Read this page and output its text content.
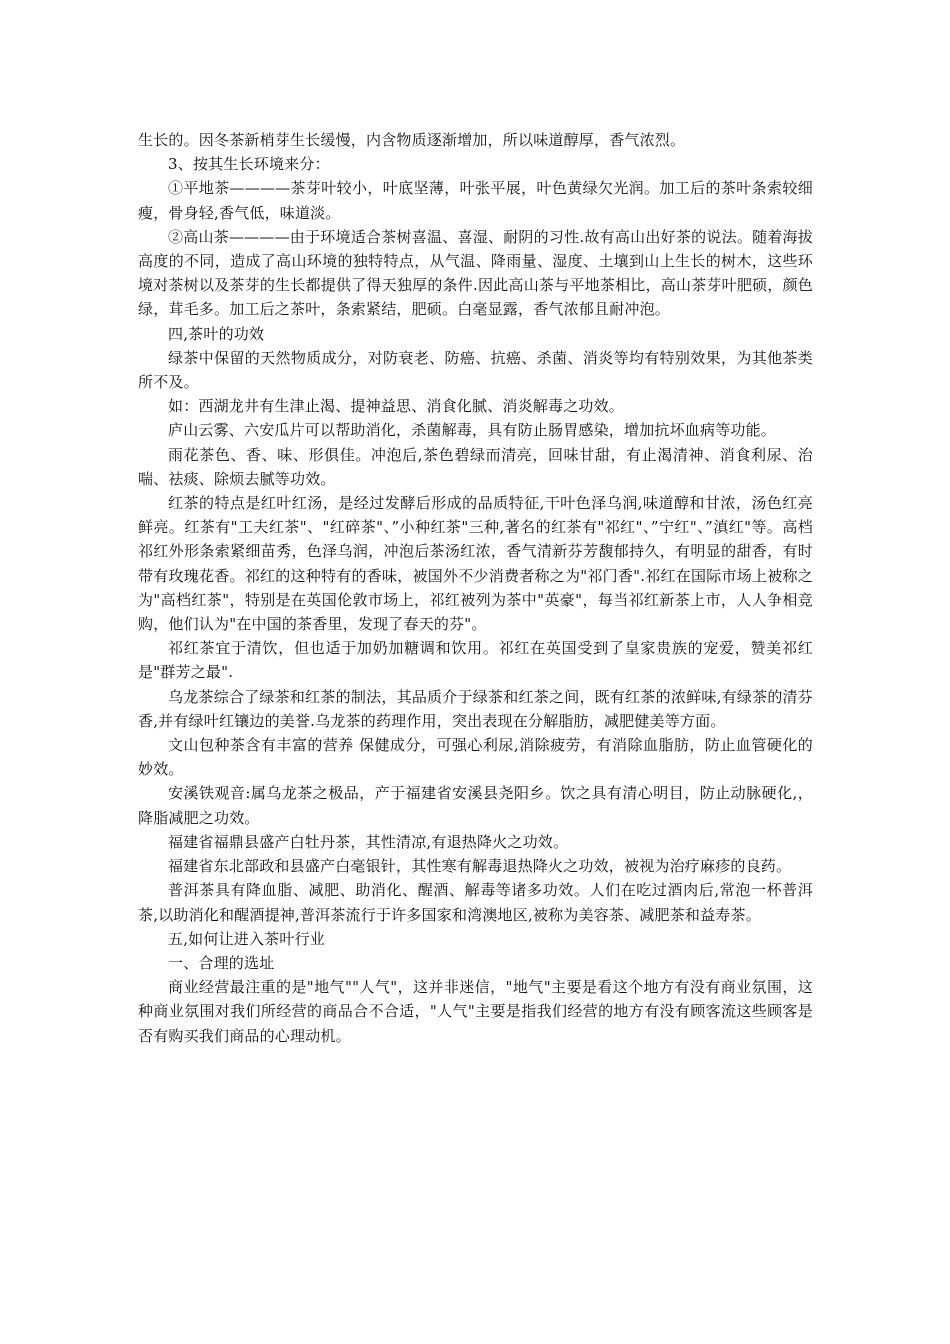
生长的。因冬茶新梢芽生长缓慢，内含物质逐渐增加，所以味道醇厚，香气浓烈。

3、按其生长环境来分：

①平地茶————茶芽叶较小，叶底坚薄，叶张平展，叶色黄绿欠光润。加工后的茶叶条索较细瘦，骨身轻,香气低，味道淡。

②高山茶————由于环境适合茶树喜温、喜湿、耐阴的习性.故有高山出好茶的说法。随着海拔高度的不同，造成了高山环境的独特特点，从气温、降雨量、湿度、土壤到山上生长的树木，这些环境对茶树以及茶芽的生长都提供了得天独厚的条件.因此高山茶与平地茶相比，高山茶芽叶肥硕，颜色绿，茸毛多。加工后之茶叶，条索紧结，肥硕。白毫显露，香气浓郁且耐冲泡。

四,茶叶的功效

绿茶中保留的天然物质成分，对防衰老、防癌、抗癌、杀菌、消炎等均有特别效果，为其他茶类所不及。

如：西湖龙井有生津止渴、提神益思、消食化腻、消炎解毒之功效。

庐山云雾、六安瓜片可以帮助消化，杀菌解毒，具有防止肠胃感染，增加抗坏血病等功能。

雨花茶色、香、味、形俱佳。冲泡后,茶色碧绿而清亮，回味甘甜，有止渴清神、消食利尿、治喘、祛痰、除烦去腻等功效。

红茶的特点是红叶红汤，是经过发酵后形成的品质特征,干叶色泽乌润,味道醇和甘浓，汤色红亮鲜亮。红茶有"工夫红茶"、"红碎茶"、”小种红茶"三种,著名的红茶有"祁红"、”宁红"、”滇红"等。高档祁红外形条索紧细苗秀，色泽乌润，冲泡后茶汤红浓，香气清新芬芳馥郁持久，有明显的甜香，有时带有玫瑰花香。祁红的这种特有的香味，被国外不少消费者称之为"祁门香".祁红在国际市场上被称之为"高档红茶"，特别是在英国伦敦市场上，祁红被列为茶中"英豪"，每当祁红新茶上市，人人争相竞购，他们认为"在中国的茶香里，发现了春天的芬"。

祁红茶宜于清饮，但也适于加奶加糖调和饮用。祁红在英国受到了皇家贵族的宠爱，赞美祁红是"群芳之最".

乌龙茶综合了绿茶和红茶的制法，其品质介于绿茶和红茶之间，既有红茶的浓鲜味,有绿茶的清芬香,并有绿叶红镶边的美誉.乌龙茶的药理作用，突出表现在分解脂肪，减肥健美等方面。

文山包种茶含有丰富的营养 保健成分，可强心利尿,消除疲劳，有消除血脂肪，防止血管硬化的妙效。

安溪铁观音:属乌龙茶之极品，产于福建省安溪县尧阳乡。饮之具有清心明目，防止动脉硬化,，降脂减肥之功效。

福建省福鼎县盛产白牡丹茶，其性清凉,有退热降火之功效。

福建省东北部政和县盛产白毫银针，其性寒有解毒退热降火之功效，被视为治疗麻疹的良药。

普洱茶具有降血脂、减肥、助消化、醒酒、解毒等诸多功效。人们在吃过酒肉后,常泡一杯普洱茶,以助消化和醒酒提神,普洱茶流行于许多国家和湾澳地区,被称为美容茶、减肥茶和益寿茶。

五,如何让进入茶叶行业

一、合理的选址

商业经营最注重的是"地气""人气"，这并非迷信，"地气"主要是看这个地方有没有商业氛围，这种商业氛围对我们所经营的商品合不合适，"人气"主要是指我们经营的地方有没有顾客流这些顾客是否有购买我们商品的心理动机。
